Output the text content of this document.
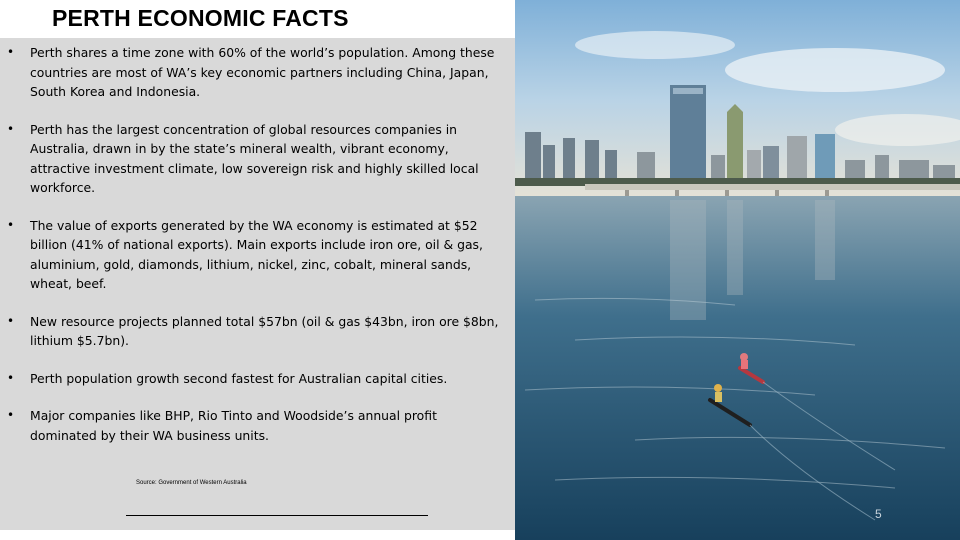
PERTH ECONOMIC FACTS
• Perth shares a time zone with 60% of the world’s population. Among these countries are most of WA’s key economic partners including China, Japan, South Korea and Indonesia.
• Perth has the largest concentration of global resources companies in Australia, drawn in by the state’s mineral wealth, vibrant economy, attractive investment climate, low sovereign risk and highly skilled local workforce.
• The value of exports generated by the WA economy is estimated at $52 billion (41% of national exports). Main exports include iron ore, oil & gas, aluminium, gold, diamonds, lithium, nickel, zinc, cobalt, mineral sands, wheat, beef.
• New resource projects planned total $57bn (oil & gas $43bn, iron ore $8bn, lithium $5.7bn).
• Perth population growth second fastest for Australian capital cities.
• Major companies like BHP, Rio Tinto and Woodside’s annual profit dominated by their WA business units.
Source: Government of Western Australia
5
